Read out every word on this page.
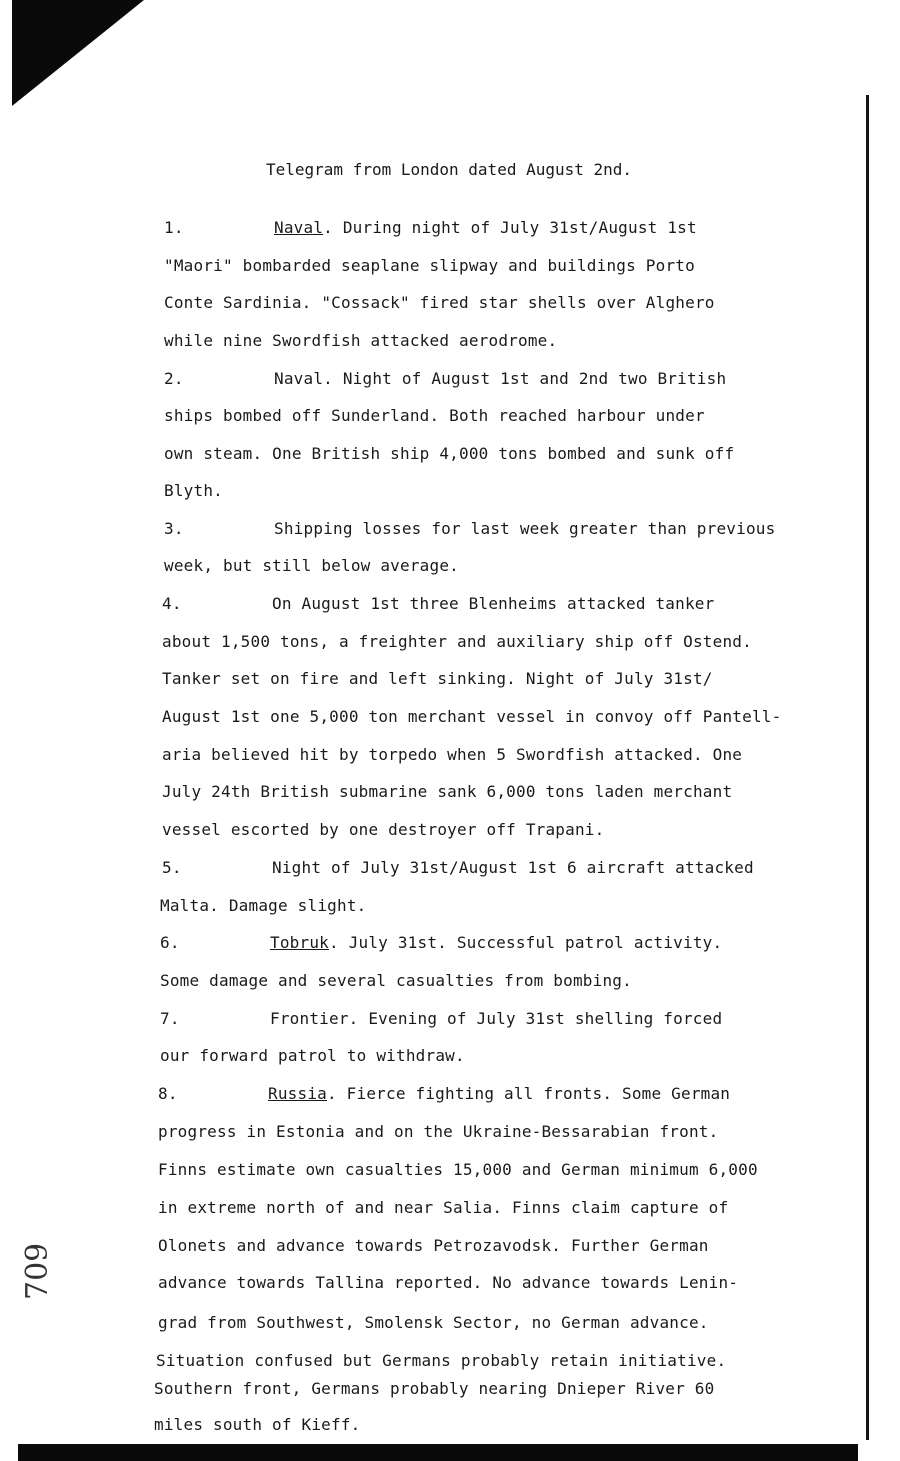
709
Telegram from London dated August 2nd.
1.	Naval. During night of July 31st/August 1st
"Maori" bombarded seaplane slipway and buildings Porto
Conte Sardinia. "Cossack" fired star shells over Alghero
while nine Swordfish attacked aerodrome.
2.	Naval. Night of August 1st and 2nd two British
ships bombed off Sunderland. Both reached harbour under
own steam. One British ship 4,000 tons bombed and sunk off
Blyth.
3.	Shipping losses for last week greater than previous
week, but still below average.
4.	On August 1st three Blenheims attacked tanker
about 1,500 tons, a freighter and auxiliary ship off Ostend.
Tanker set on fire and left sinking. Night of July 31st/
August 1st one 5,000 ton merchant vessel in convoy off Pantell-
aria believed hit by torpedo when 5 Swordfish attacked. One
July 24th British submarine sank 6,000 tons laden merchant
vessel escorted by one destroyer off Trapani.
5.	Night of July 31st/August 1st 6 aircraft attacked
Malta. Damage slight.
6.	Tobruk. July 31st. Successful patrol activity.
Some damage and several casualties from bombing.
7.	Frontier. Evening of July 31st shelling forced
our forward patrol to withdraw.
8.	Russia. Fierce fighting all fronts. Some German
progress in Estonia and on the Ukraine-Bessarabian front.
Finns estimate own casualties 15,000 and German minimum 6,000
in extreme north of and near Salia. Finns claim capture of
Olonets and advance towards Petrozavodsk. Further German
advance towards Tallina reported. No advance towards Lenin-
grad from Southwest, Smolensk Sector, no German advance.
Situation confused but Germans probably retain initiative.
Southern front, Germans probably nearing Dnieper River 60
miles south of Kieff.
